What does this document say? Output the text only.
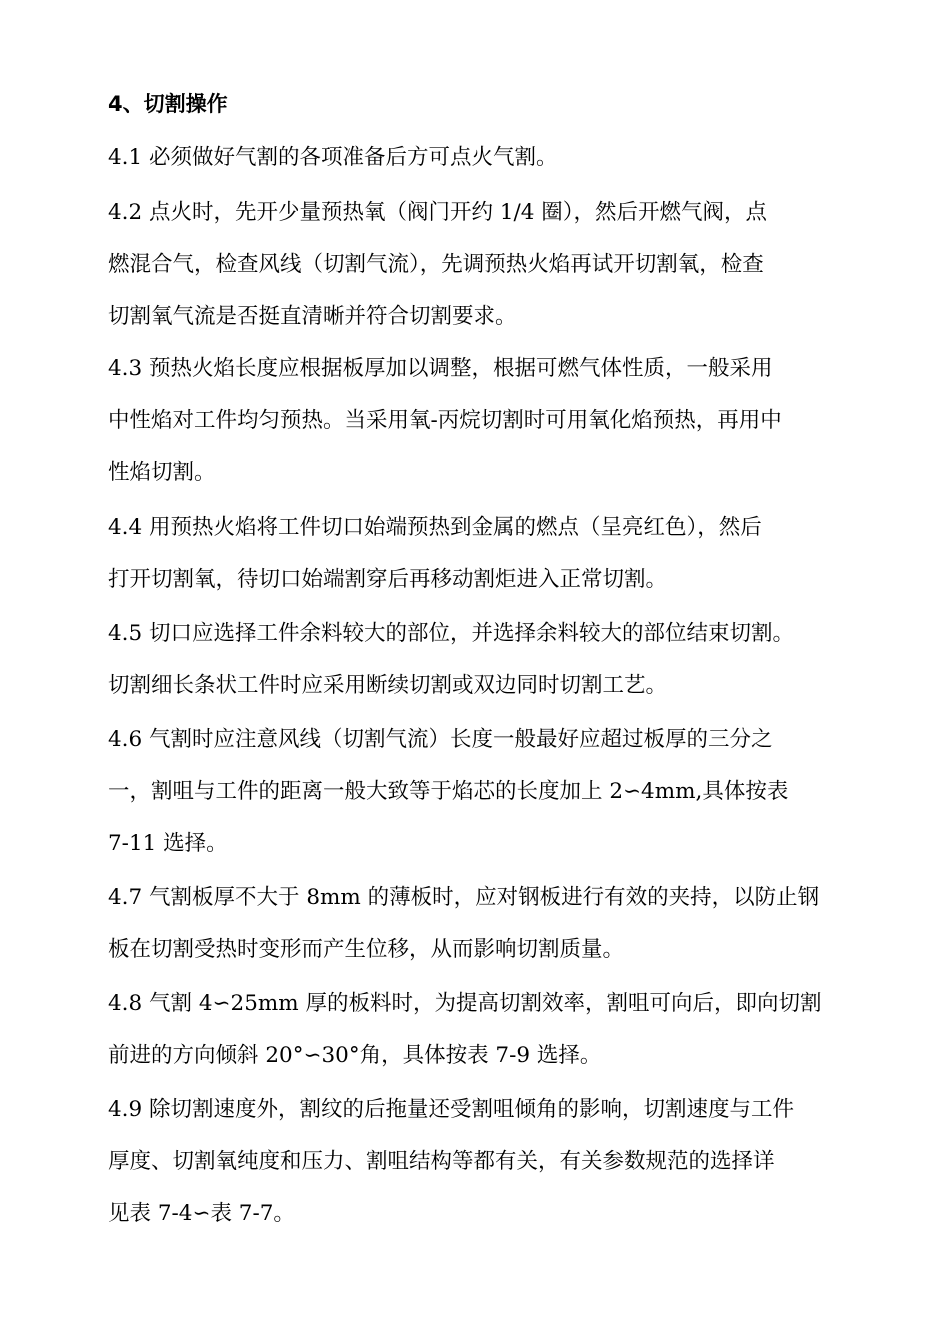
4、切割操作
4.1 必须做好气割的各项准备后方可点火气割。
4.2 点火时，先开少量预热氧（阀门开约 1/4 圈），然后开燃气阀，点
燃混合气，检查风线（切割气流），先调预热火焰再试开切割氧，检查
切割氧气流是否挺直清晰并符合切割要求。
4.3 预热火焰长度应根据板厚加以调整，根据可燃气体性质，一般采用
中性焰对工件均匀预热。当采用氧-丙烷切割时可用氧化焰预热，再用中
性焰切割。
4.4 用预热火焰将工件切口始端预热到金属的燃点（呈亮红色），然后
打开切割氧，待切口始端割穿后再移动割炬进入正常切割。
4.5 切口应选择工件余料较大的部位，并选择余料较大的部位结束切割。
切割细长条状工件时应采用断续切割或双边同时切割工艺。
4.6 气割时应注意风线（切割气流）长度一般最好应超过板厚的三分之
一，割咀与工件的距离一般大致等于焰芯的长度加上 2∽4mm,具体按表
7-11 选择。
4.7 气割板厚不大于 8mm 的薄板时，应对钢板进行有效的夹持，以防止钢
板在切割受热时变形而产生位移，从而影响切割质量。
4.8 气割 4∽25mm 厚的板料时，为提高切割效率，割咀可向后，即向切割
前进的方向倾斜 20°∽30°角，具体按表 7-9 选择。
4.9 除切割速度外，割纹的后拖量还受割咀倾角的影响，切割速度与工件
厚度、切割氧纯度和压力、割咀结构等都有关，有关参数规范的选择详
见表 7-4∽表 7-7。
